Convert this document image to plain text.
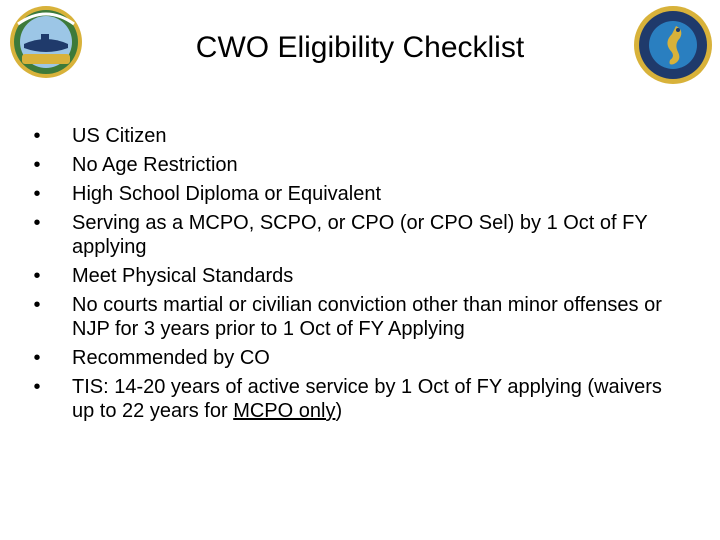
CWO Eligibility Checklist
• US Citizen
• No Age Restriction
• High School Diploma or Equivalent
• Serving as a MCPO, SCPO, or CPO (or CPO Sel) by 1 Oct of FY applying
• Meet Physical Standards
• No courts martial or civilian conviction other than minor offenses or NJP for 3 years prior to 1 Oct of FY Applying
• Recommended by CO
• TIS: 14-20 years of active service by 1 Oct of FY applying (waivers up to 22 years for MCPO only)
